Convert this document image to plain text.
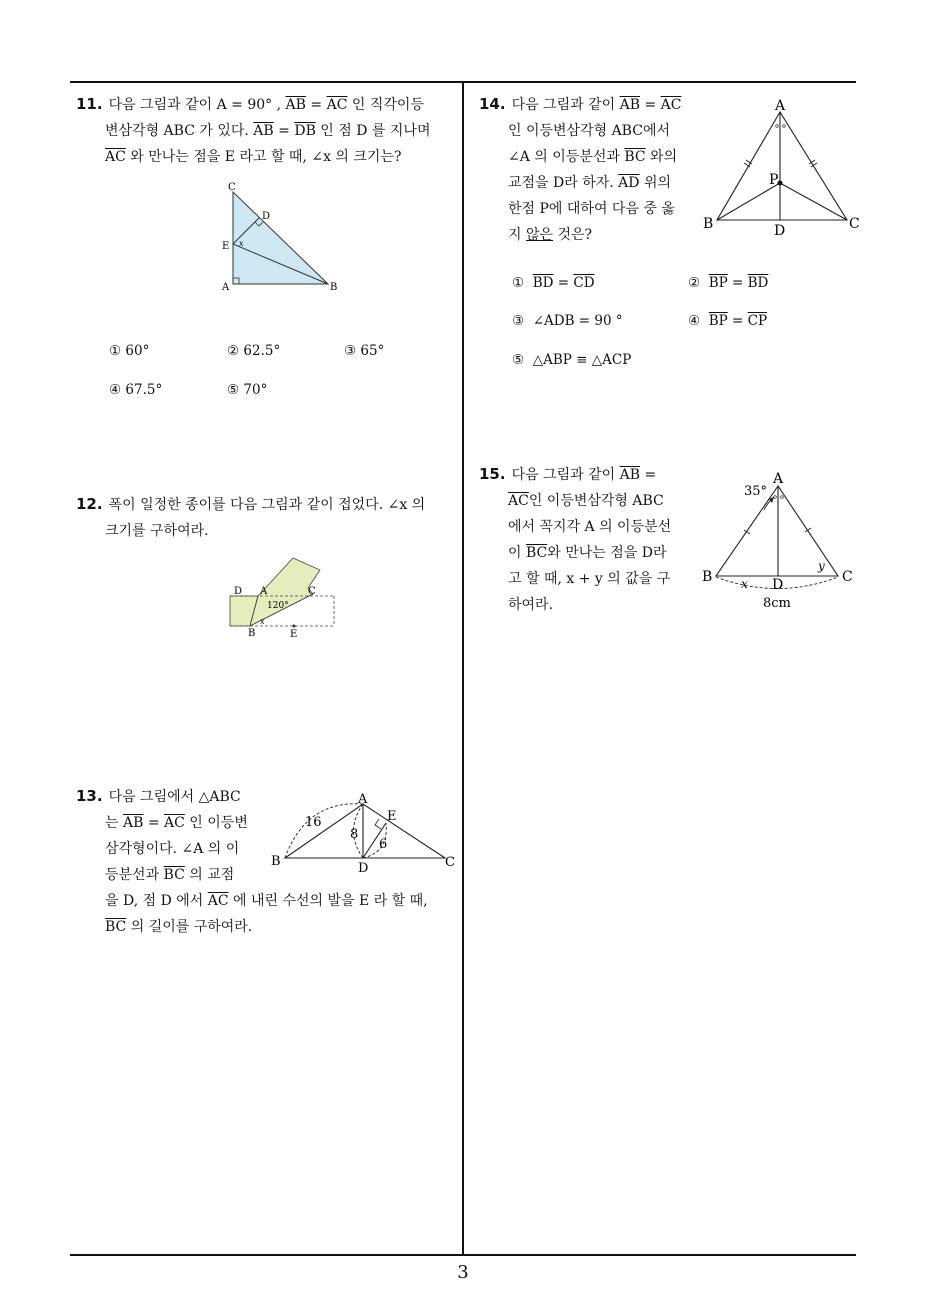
11. 다음 그림과 같이 A = 90° , $\overline{AB} = \overline{AC}$ 인 직각이등
변삼각형 ABC 가 있다. $\overline{AB} = \overline{DB}$ 인 점 D 를 지나며
$\overline{AC}$ 와 만나는 점을 E 라고 할 때, ∠x 의 크기는?
C
D
E x
A	B
① 60°	② 62.5°	③ 65°
④ 67.5°	⑤ 70°
12. 폭이 일정한 종이를 다음 그림과 같이 접었다. ∠x 의
크기를 구하여라.
D A	C
120°
x
B	E
13. 다음 그림에서 △ABC
는 $\overline{AB} = \overline{AC}$ 인 이등변
삼각형이다. ∠A 의 이
등분선과 $\overline{BC}$ 의 교점
을 D, 점 D 에서 $\overline{AC}$ 에 내린 수선의 발을 E 라 할 때,
$\overline{BC}$ 의 길이를 구하여라.
A
B	C
D
E
16
8
6
14. 다음 그림과 같이 $\overline{AB} = \overline{AC}$
인 이등변삼각형 ABC에서
∠A 의 이등분선과 $\overline{BC}$ 와의
교점을 D라 하자. $\overline{AD}$ 위의
한점 P에 대하여 다음 중 옳
지 않은 것은?
A
P
B	D	C
① $\overline{BD} = \overline{CD}$	② $\overline{BP} = \overline{BD}$
③ ∠ADB = 90 °	④ $\overline{BP} = \overline{CP}$
⑤ △ABP ≡ △ACP
15. 다음 그림과 같이 $\overline{AB}$ =
$\overline{AC}$인 이등변삼각형 ABC
에서 꼭지각 A 의 이등분선
이 $\overline{BC}$와 만나는 점을 D라
고 할 때, x + y 의 값을 구
하여라.
A
35°
B	C
D
x
y
8cm
3
